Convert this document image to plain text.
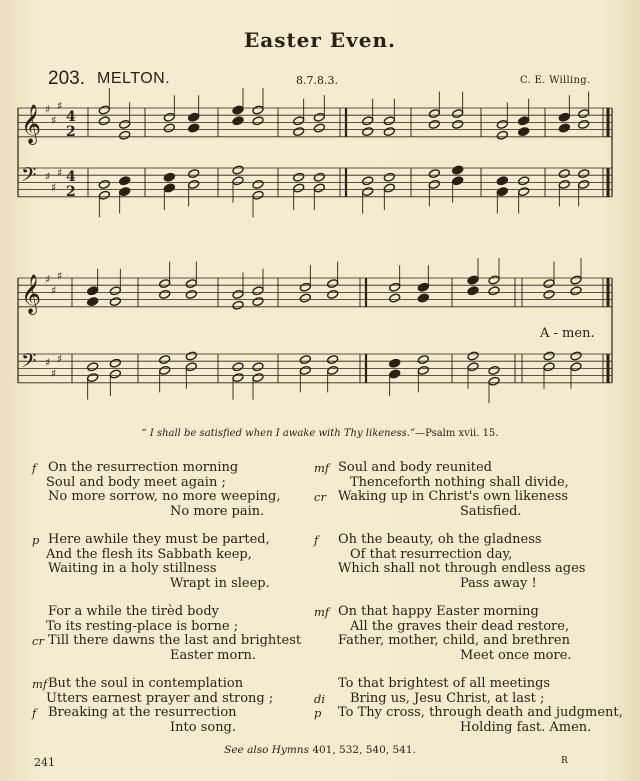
Easter Even.
203. MELTON.	8.7.8.3.	C. E. Willing.
𝄞 ♯
♯
♯
4
2
𝄢 ♯
♯
♯ 4
2
𝄞 ♯
♯
♯
𝄢 ♯
♯
♯
A - men.
“ I shall be satisfied when I awake with Thy likeness.”—Psalm xvii. 15.
f On the resurrection morning
Soul and body meet again ;
No more sorrow, no more weeping,
No more pain.
p Here awhile they must be parted,
And the flesh its Sabbath keep,
Waiting in a holy stillness
Wrapt in sleep.
For a while the tirèd body
To its resting-place is borne ;
cr Till there dawns the last and brightest
Easter morn.
mf But the soul in contemplation
Utters earnest prayer and strong ;
f Breaking at the resurrection
Into song.
mf Soul and body reunited
Thenceforth nothing shall divide,
cr Waking up in Christ's own likeness
Satisfied.
f Oh the beauty, oh the gladness
Of that resurrection day,
Which shall not through endless ages
Pass away !
mf On that happy Easter morning
All the graves their dead restore,
Father, mother, child, and brethren
Meet once more.
To that brightest of all meetings
di Bring us, Jesu Christ, at last ;
p To Thy cross, through death and judgment,
Holding fast. Amen.
See also Hymns 401, 532, 540, 541.
241	R
